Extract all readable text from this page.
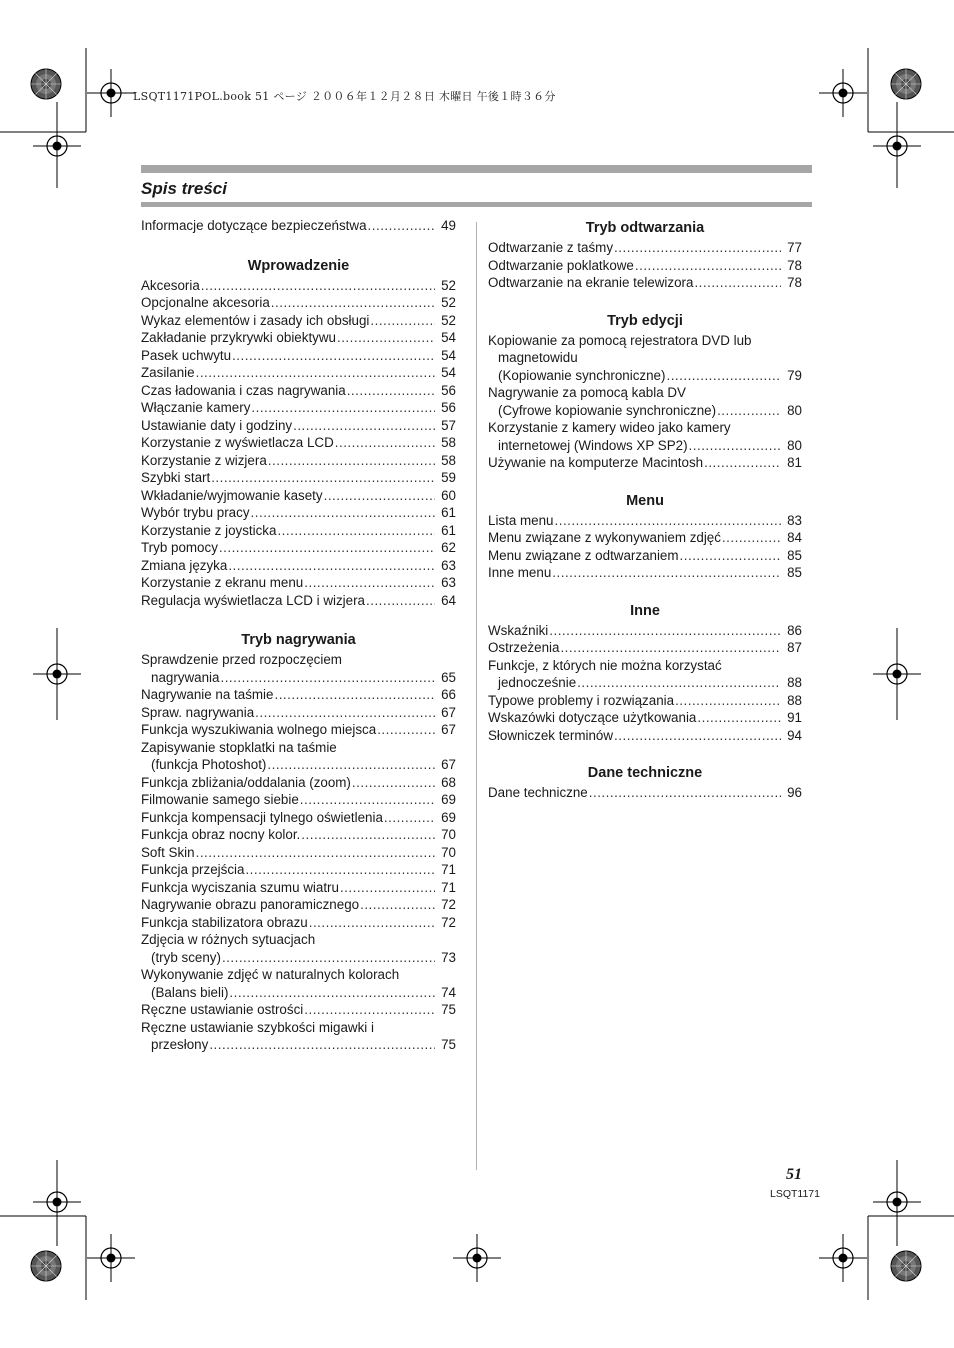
LSQT1171POL.book 51 ページ ２００６年１２月２８日 木曜日 午後１時３６分

Spis treści
Informacje dotyczące bezpieczeństwa .....	49
Wprowadzenie
Akcesoria .....	52
Opcjonalne akcesoria .....	52
Wykaz elementów i zasady ich obsługi .....	52
Zakładanie przykrywki obiektywu .....	54
Pasek uchwytu .....	54
Zasilanie .....	54
Czas ładowania i czas nagrywania .....	56
Włączanie kamery .....	56
Ustawianie daty i godziny .....	57
Korzystanie z wyświetlacza LCD .....	58
Korzystanie z wizjera .....	58
Szybki start .....	59
Wkładanie/wyjmowanie kasety .....	60
Wybór trybu pracy .....	61
Korzystanie z joysticka .....	61
Tryb pomocy .....	62
Zmiana języka .....	63
Korzystanie z ekranu menu .....	63
Regulacja wyświetlacza LCD i wizjera .....	64
Tryb nagrywania
Sprawdzenie przed rozpoczęciem
nagrywania .....	65
Nagrywanie na taśmie .....	66
Spraw. nagrywania .....	67
Funkcja wyszukiwania wolnego miejsca .....	67
Zapisywanie stopklatki na taśmie
(funkcja Photoshot) .....	67
Funkcja zbliżania/oddalania (zoom) .....	68
Filmowanie samego siebie .....	69
Funkcja kompensacji tylnego oświetlenia .....	69
Funkcja obraz nocny kolor. .....	70
Soft Skin .....	70
Funkcja przejścia .....	71
Funkcja wyciszania szumu wiatru .....	71
Nagrywanie obrazu panoramicznego .....	72
Funkcja stabilizatora obrazu .....	72
Zdjęcia w różnych sytuacjach
(tryb sceny) .....	73
Wykonywanie zdjęć w naturalnych kolorach
(Balans bieli) .....	74
Ręczne ustawianie ostrości .....	75
Ręczne ustawianie szybkości migawki i
przesłony .....	75
Tryb odtwarzania
Odtwarzanie z taśmy .....	77
Odtwarzanie poklatkowe .....	78
Odtwarzanie na ekranie telewizora .....	78
Tryb edycji
Kopiowanie za pomocą rejestratora DVD lub
magnetowidu
(Kopiowanie synchroniczne) .....	79
Nagrywanie za pomocą kabla DV
(Cyfrowe kopiowanie synchroniczne) .....	80
Korzystanie z kamery wideo jako kamery
internetowej (Windows XP SP2) .....	80
Używanie na komputerze Macintosh .....	81
Menu
Lista menu .....	83
Menu związane z wykonywaniem zdjęć .....	84
Menu związane z odtwarzaniem .....	85
Inne menu .....	85
Inne
Wskaźniki .....	86
Ostrzeżenia .....	87
Funkcje, z których nie można korzystać
jednocześnie .....	88
Typowe problemy i rozwiązania .....	88
Wskazówki dotyczące użytkowania .....	91
Słowniczek terminów .....	94
Dane techniczne
Dane techniczne .....	96

51

LSQT1171
